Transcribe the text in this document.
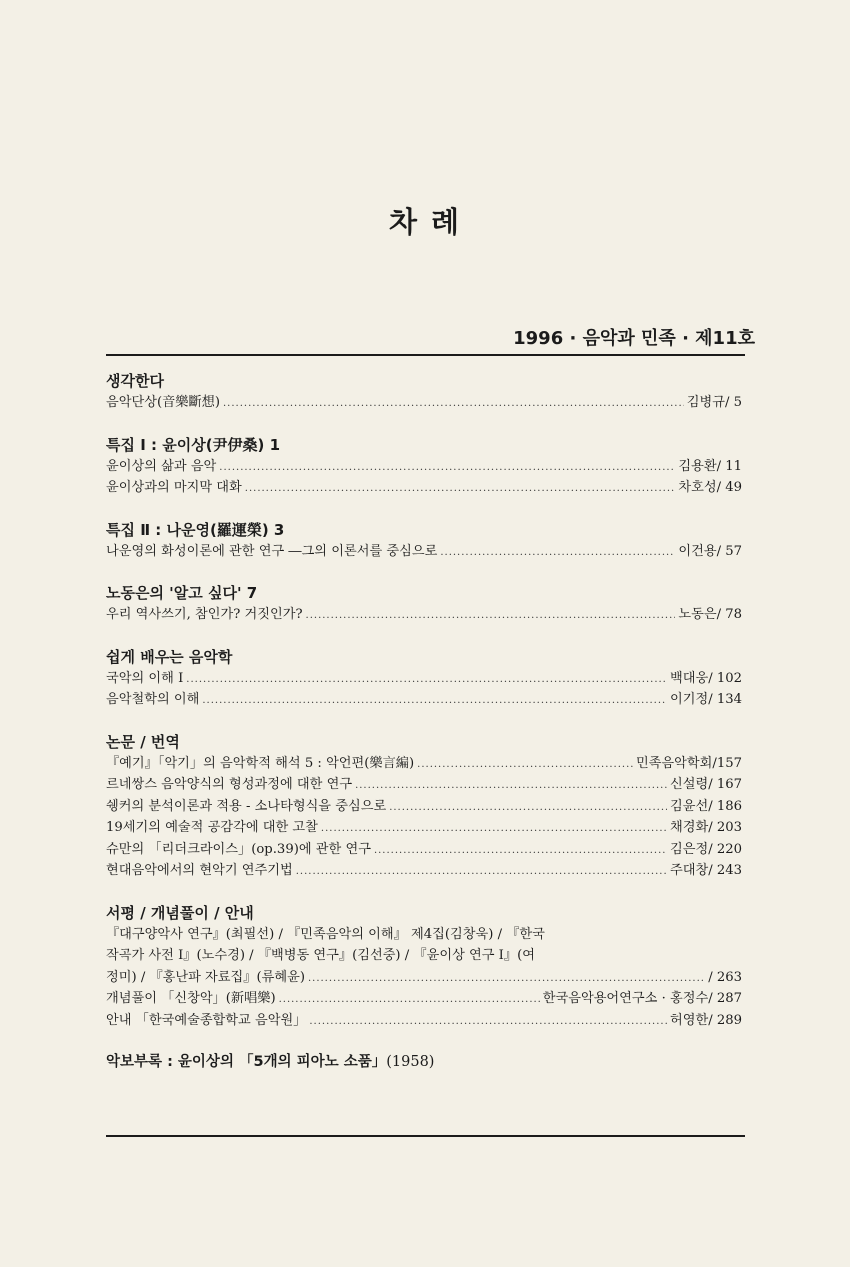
차 례
1996 · 음악과 민족 · 제11호
생각한다
음악단상(音樂斷想) .....	김병규 / 5
특집 Ⅰ : 윤이상(尹伊桑) 1
윤이상의 삶과 음악 .....	김용환 / 11
윤이상과의 마지막 대화 .....	차호성 / 49
특집 Ⅱ : 나운영(羅運榮) 3
나운영의 화성이론에 관한 연구 ―그의 이론서를 중심으로 .....	이건용 / 57
노동은의 '알고 싶다' 7
우리 역사쓰기, 참인가? 거짓인가? .....	노동은 / 78
쉽게 배우는 음악학
국악의 이해 I .....	백대웅 / 102
음악철학의 이해 .....	이기정 / 134
논문 / 번역
『예기』「악기」의 음악학적 해석 5 : 악언편(樂言編) .....	민족음악학회 /157
르네쌍스 음악양식의 형성과정에 대한 연구 .....	신설령 / 167
쉥커의 분석이론과 적용 - 소나타형식을 중심으로 .....	김윤선 / 186
19세기의 예술적 공감각에 대한 고찰 .....	채경화 / 203
슈만의 「리더크라이스」(op.39)에 관한 연구 .....	김은정 / 220
현대음악에서의 현악기 연주기법 .....	주대창 / 243
서평 / 개념풀이 / 안내
『대구양악사 연구』(최필선) / 『민족음악의 이해』 제4집(김창욱) / 『한국
작곡가 사전 I』(노수경) / 『백병동 연구』(김선중) / 『윤이상 연구 I』(여
정미) / 『홍난파 자료집』(류혜윤) .....	/ 263
개념풀이 「신창악」(新唱樂) .....	한국음악용어연구소 · 홍정수 / 287
안내 「한국예술종합학교 음악원」 .....	허영한 / 289
악보부록 : 윤이상의 「5개의 피아노 소품」(1958)
